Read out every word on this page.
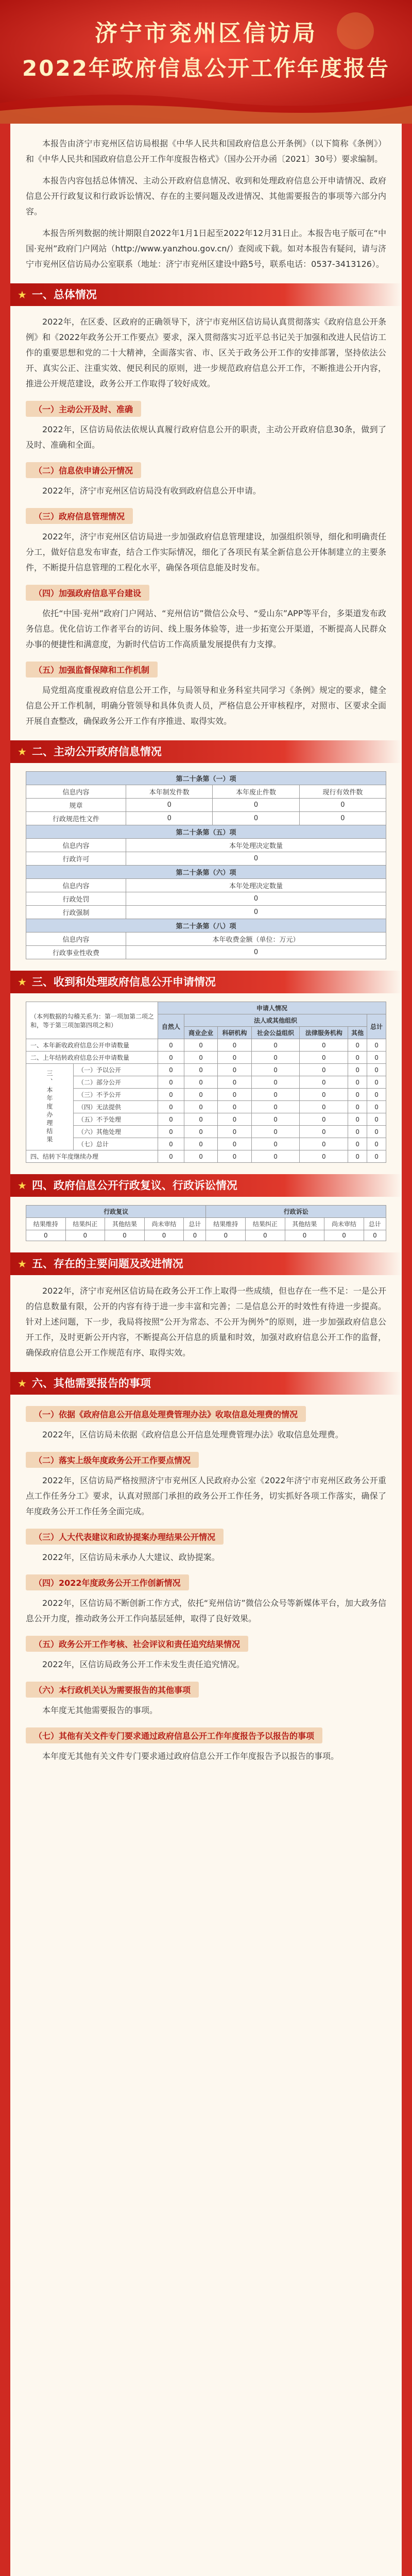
济宁市兖州区信访局
2022年政府信息公开工作年度报告

本报告由济宁市兖州区信访局根据《中华人民共和国政府信息公开条例》（以下简称《条例》）和《中华人民共和国政府信息公开工作年度报告格式》（国办公开办函〔2021〕30号）要求编制。

本报告内容包括总体情况、主动公开政府信息情况、收到和处理政府信息公开申请情况、政府信息公开行政复议和行政诉讼情况、存在的主要问题及改进情况、其他需要报告的事项等六部分内容。

本报告所列数据的统计期限自2022年1月1日起至2022年12月31日止。本报告电子版可在“中国·兖州”政府门户网站（http://www.yanzhou.gov.cn/）查阅或下载。如对本报告有疑问，请与济宁市兖州区信访局办公室联系（地址：济宁市兖州区建设中路5号，联系电话：0537-3413126）。

★ 一、总体情况

2022年，在区委、区政府的正确领导下，济宁市兖州区信访局认真贯彻落实《政府信息公开条例》和《2022年政务公开工作要点》要求，深入贯彻落实习近平总书记关于加强和改进人民信访工作的重要思想和党的二十大精神，全面落实省、市、区关于政务公开工作的安排部署，坚持依法公开、真实公正、注重实效、便民利民的原则，进一步规范政府信息公开工作，不断推进公开内容，推进公开规范建设，政务公开工作取得了较好成效。

（一）主动公开及时、准确

2022年，区信访局依法依规认真履行政府信息公开的职责，主动公开政府信息30条，做到了及时、准确和全面。

（二）信息依申请公开情况

2022年，济宁市兖州区信访局没有收到政府信息公开申请。

（三）政府信息管理情况

2022年，济宁市兖州区信访局进一步加强政府信息管理建设，加强组织领导，细化和明确责任分工，做好信息发布审查，结合工作实际情况，细化了各项民有某全新信息公开体制建立的主要条件，不断提升信息管理的工程化水平，确保各项信息能及时发布。

（四）加强政府信息平台建设

依托“中国·兖州”政府门户网站、“兖州信访”微信公众号、“爱山东”APP等平台，多渠道发布政务信息。优化信访工作者平台的访问、线上服务体验等，进一步拓宽公开渠道，不断提高人民群众办事的便捷性和满意度，为新时代信访工作高质量发展提供有力支撑。

（五）加强监督保障和工作机制

局党组高度重视政府信息公开工作，与局领导和业务科室共同学习《条例》规定的要求，健全信息公开工作机制，明确分管领导和具体负责人员，严格信息公开审核程序，对照市、区要求全面开展自查整改，确保政务公开工作有序推进、取得实效。

★ 二、主动公开政府信息情况
第二十条第（一）项			
信息内容	本年制发件数	本年废止件数	现行有效件数
规章	0	0	0
行政规范性文件	0	0	0
第二十条第（五）项			
信息内容	本年处理决定数量		
行政许可	0		
第二十条第（六）项			
信息内容	本年处理决定数量		
行政处罚	0		
行政强制	0		
第二十条第（八）项			
信息内容	本年收费金额（单位：万元）		
行政事业性收费	0		
★ 三、收到和处理政府信息公开申请情况
（本列数据的勾稽关系为：第一项加第二项之和，等于第三项加第四项之和）		申请人情况						
		自然人	法人或其他组织					总计
			商业企业	科研机构	社会公益组织	法律服务机构	其他	
一、本年新收政府信息公开申请数量		0	0	0	0	0	0	0
二、上年结转政府信息公开申请数量		0	0	0	0	0	0	0
三、本年度办理结果	（一）予以公开	0	0	0	0	0	0	0
	（二）部分公开	0	0	0	0	0	0	0
	（三）不予公开	0	0	0	0	0	0	0
	（四）无法提供	0	0	0	0	0	0	0
	（五）不予处理	0	0	0	0	0	0	0
	（六）其他处理	0	0	0	0	0	0	0
	（七）总计	0	0	0	0	0	0	0
四、结转下年度继续办理		0	0	0	0	0	0	0
★ 四、政府信息公开行政复议、行政诉讼情况
行政复议					行政诉讼				
结果维持	结果纠正	其他结果	尚未审结	总计	结果维持	结果纠正	其他结果	尚未审结	总计
0	0	0	0	0	0	0	0	0	0
★ 五、存在的主要问题及改进情况

2022年，济宁市兖州区信访局在政务公开工作上取得一些成绩，但也存在一些不足：一是公开的信息数量有限，公开的内容有待于进一步丰富和完善；二是信息公开的时效性有待进一步提高。针对上述问题，下一步，我局将按照“公开为常态、不公开为例外”的原则，进一步加强政府信息公开工作，及时更新公开内容，不断提高公开信息的质量和时效，加强对政府信息公开工作的监督，确保政府信息公开工作规范有序、取得实效。

★ 六、其他需要报告的事项
（一）依据《政府信息公开信息处理费管理办法》收取信息处理费的情况

2022年，区信访局未依据《政府信息公开信息处理费管理办法》收取信息处理费。

（二）落实上级年度政务公开工作要点情况

2022年，区信访局严格按照济宁市兖州区人民政府办公室《2022年济宁市兖州区政务公开重点工作任务分工》要求，认真对照部门承担的政务公开工作任务，切实抓好各项工作落实，确保了年度政务公开工作任务全面完成。

（三）人大代表建议和政协提案办理结果公开情况

2022年，区信访局未承办人大建议、政协提案。

（四）2022年度政务公开工作创新情况

2022年，区信访局不断创新工作方式，依托“兖州信访”微信公众号等新媒体平台，加大政务信息公开力度，推动政务公开工作向基层延伸，取得了良好效果。

（五）政务公开工作考核、社会评议和责任追究结果情况

2022年，区信访局政务公开工作未发生责任追究情况。

（六）本行政机关认为需要报告的其他事项

本年度无其他需要报告的事项。

（七）其他有关文件专门要求通过政府信息公开工作年度报告予以报告的事项

本年度无其他有关文件专门要求通过政府信息公开工作年度报告予以报告的事项。
